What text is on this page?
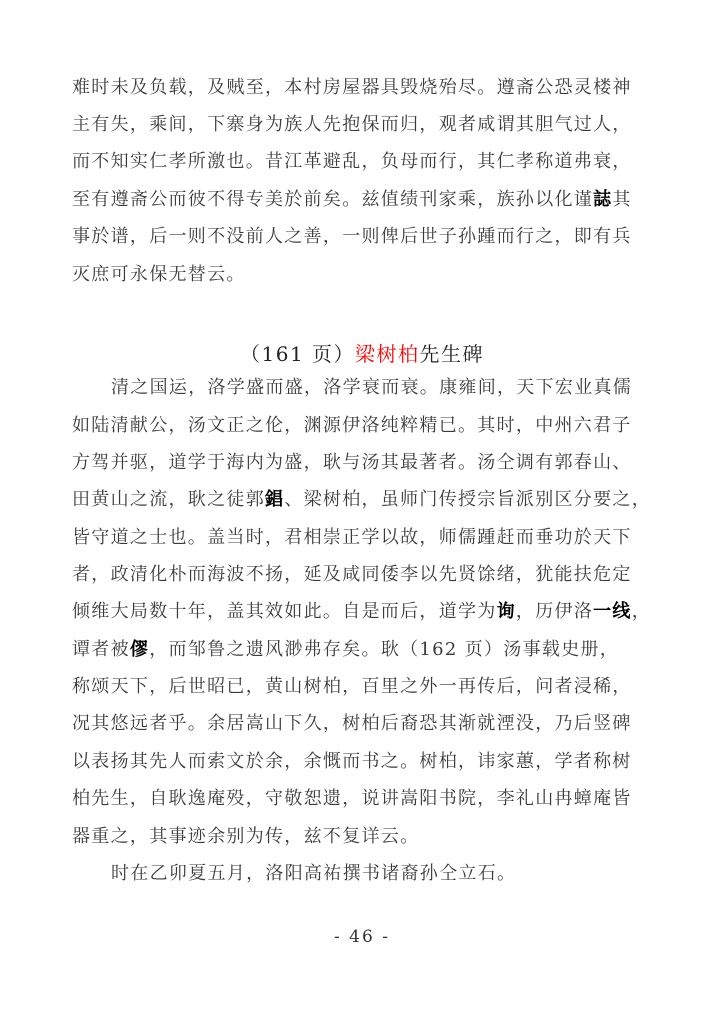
难时未及负载，及贼至，本村房屋器具毁烧殆尽。遵斋公恐灵楼神
主有失，乘间，下寨身为族人先抱保而归，观者咸谓其胆气过人，
而不知实仁孝所激也。昔江革避乱，负母而行，其仁孝称道弗衰，
至有遵斋公而彼不得专美於前矣。兹值绩刊家乘，族孙以化谨誌其
事於谱，后一则不没前人之善，一则俾后世子孙踵而行之，即有兵
灭庶可永保无替云。
（161 页）梁树柏先生碑
清之国运，洛学盛而盛，洛学衰而衰。康雍间，天下宏业真儒
如陆清献公，汤文正之伦，渊源伊洛纯粹精已。其时，中州六君子
方驾并驱，道学于海内为盛，耿与汤其最著者。汤仝调有郭春山、
田黄山之流，耿之徒郭錩、梁树柏，虽师门传授宗旨派别区分要之，
皆守道之士也。盖当时，君相崇正学以故，师儒踵赶而垂功於天下
者，政清化朴而海波不扬，延及咸同倭李以先贤馀绪，犹能扶危定
倾维大局数十年，盖其效如此。自是而后，道学为询，历伊洛一线，
谭者被僇，而邹鲁之遗风渺弗存矣。耿（162 页）汤事载史册，
称颂天下，后世昭已，黄山树柏，百里之外一再传后，问者浸稀，
况其悠远者乎。余居嵩山下久，树柏后裔恐其渐就湮没，乃后竖碑
以表扬其先人而索文於余，余慨而书之。树柏，讳家蕙，学者称树
柏先生，自耿逸庵殁，守敬恕遗，说讲嵩阳书院，李礼山冉蟑庵皆
器重之，其事迹余别为传，兹不复详云。
时在乙卯夏五月，洛阳高祐撰书诸裔孙仝立石。
- 46 -
